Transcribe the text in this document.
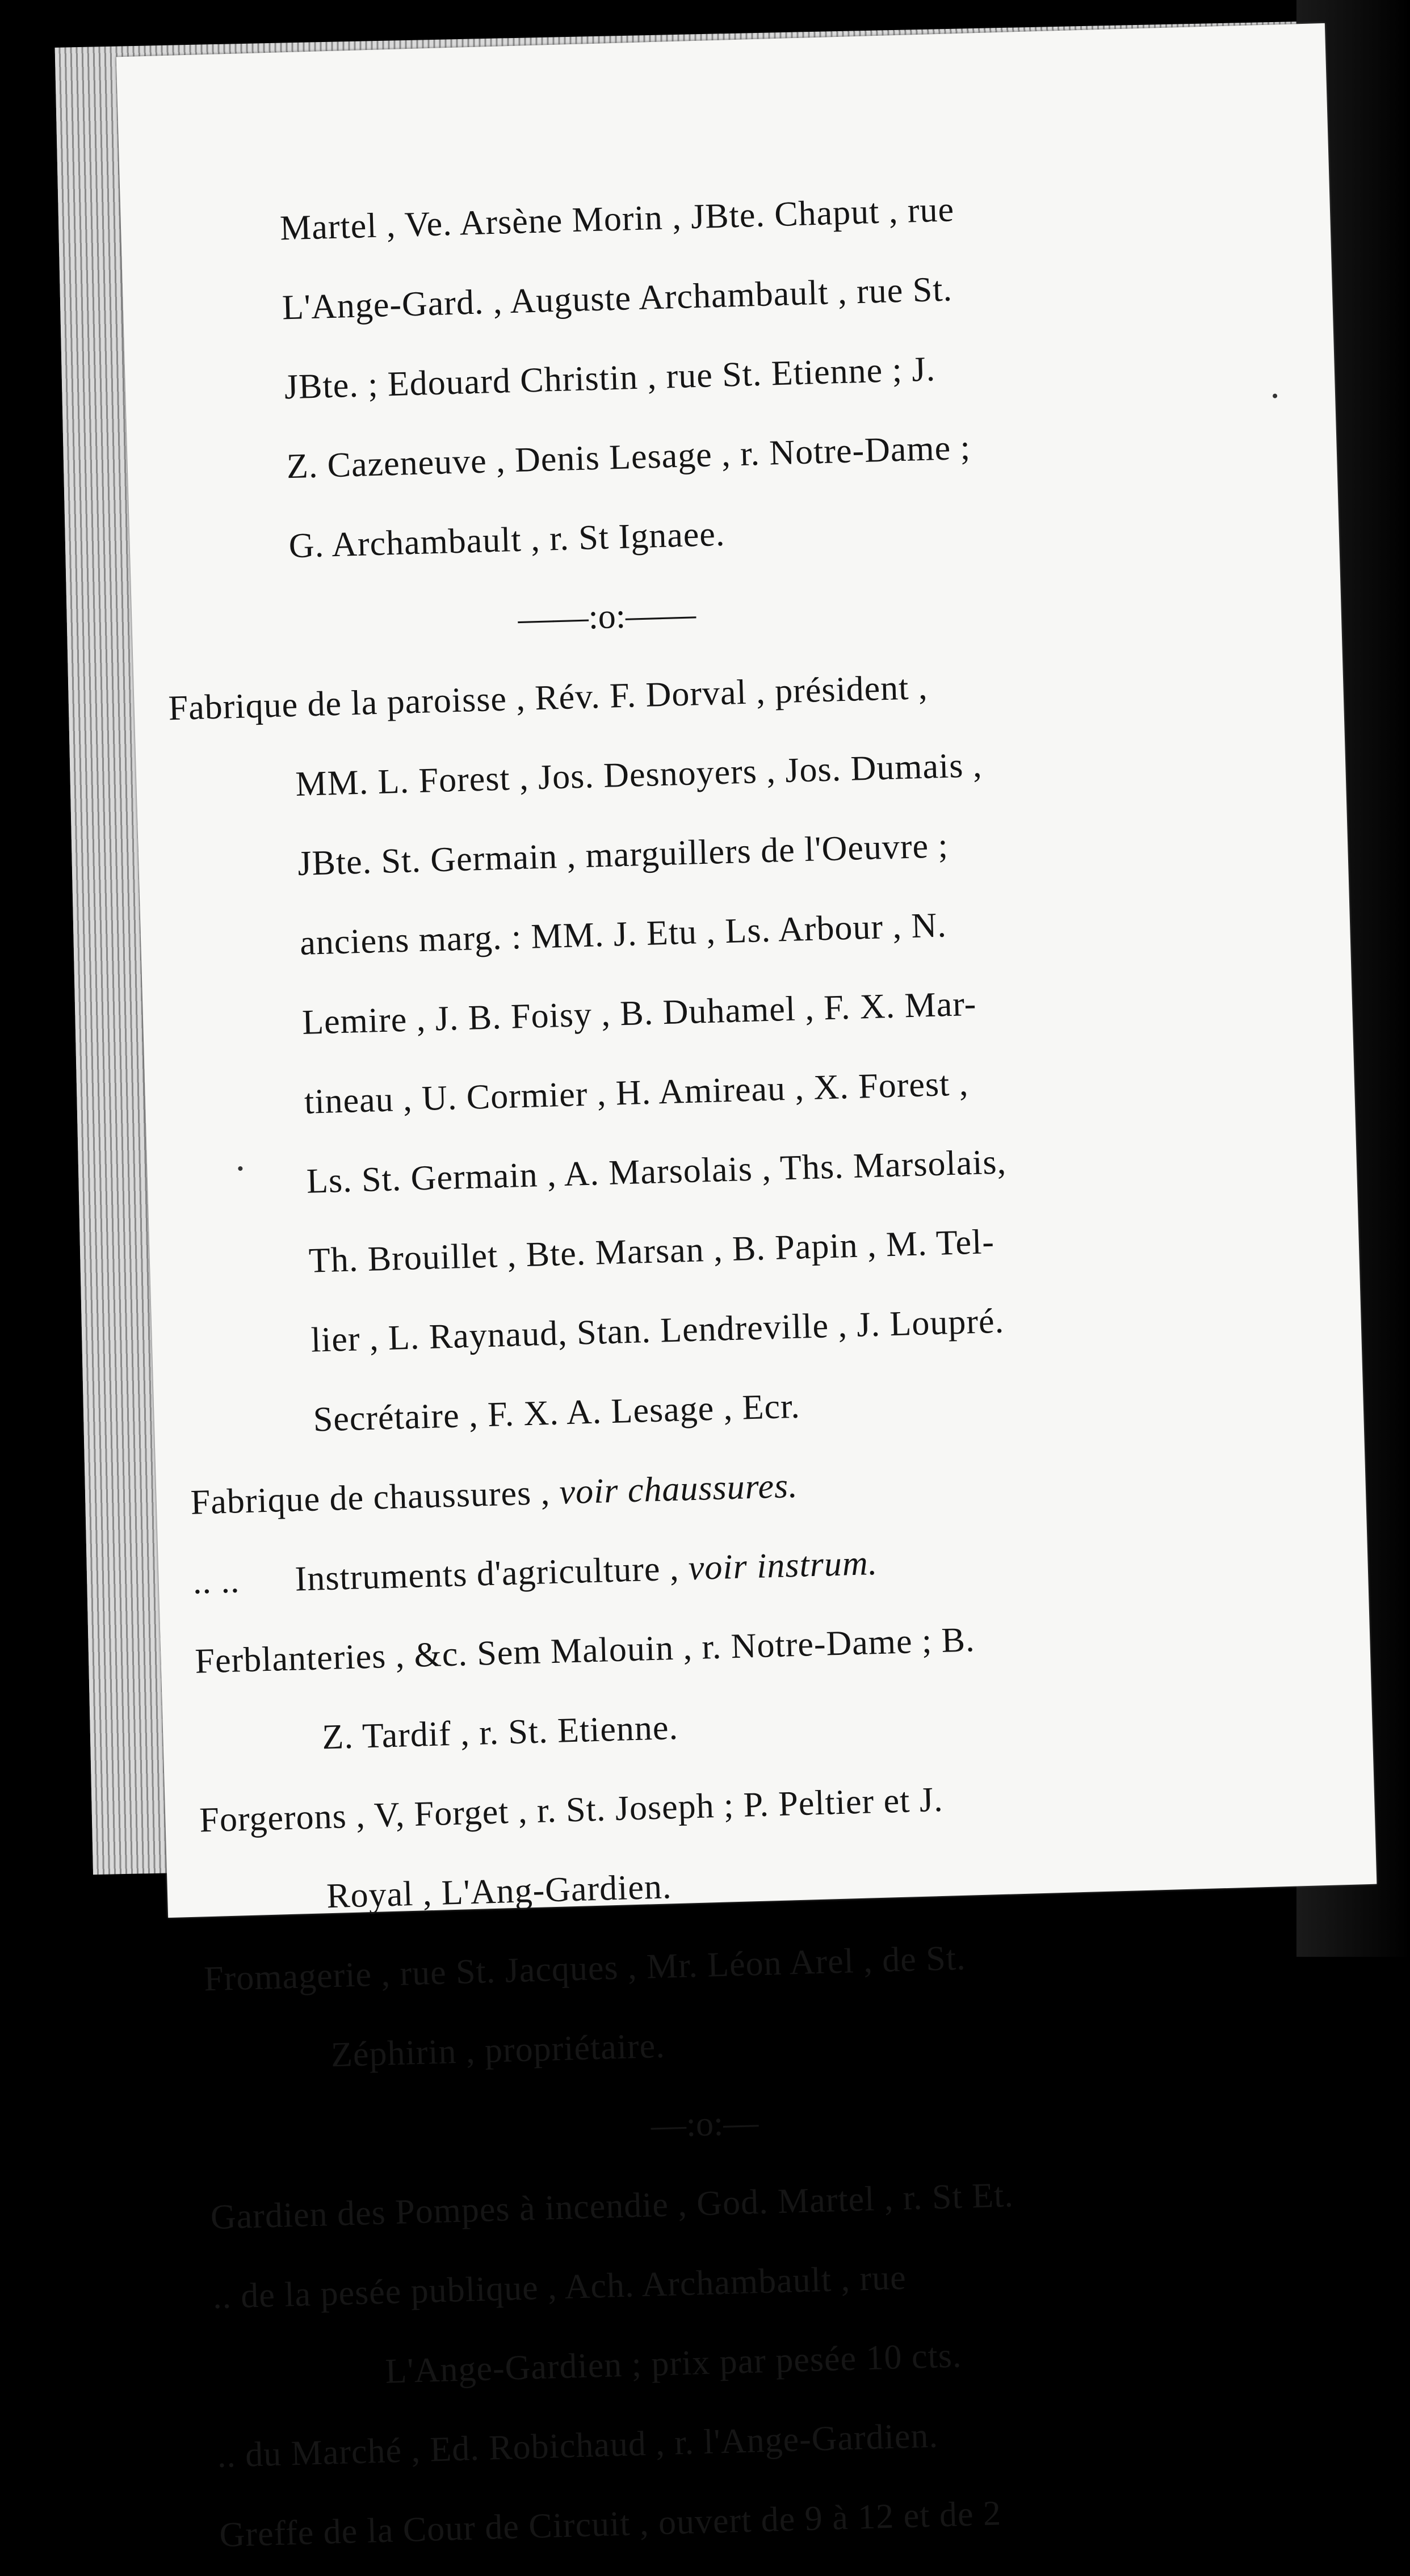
Martel , Ve. Arsène Morin , JBte. Chaput , rue
L'Ange-Gard. , Auguste Archambault , rue St.
JBte. ; Edouard Christin , rue St. Etienne ; J.
Z. Cazeneuve , Denis Lesage , r. Notre-Dame ;
G. Archambault , r. St Ignaee.
——:o:——
Fabrique de la paroisse , Rév. F. Dorval , président ,
MM. L. Forest , Jos. Desnoyers , Jos. Dumais ,
JBte. St. Germain , marguillers de l'Oeuvre ;
anciens marg. : MM. J. Etu , Ls. Arbour , N.
Lemire , J. B. Foisy , B. Duhamel , F. X. Mar-
tineau , U. Cormier , H. Amireau , X. Forest ,
Ls. St. Germain , A. Marsolais , Ths. Marsolais,
Th. Brouillet , Bte. Marsan , B. Papin , M. Tel-
lier , L. Raynaud, Stan. Lendreville , J. Loupré.
Secrétaire , F. X. A. Lesage , Ecr.
Fabrique de chaussures , voir chaussures.
.. .. Instruments d'agriculture , voir instrum.
Ferblanteries , &c. Sem Malouin , r. Notre-Dame ; B.
Z. Tardif , r. St. Etienne.
Forgerons , V, Forget , r. St. Joseph ; P. Peltier et J.
Royal , L'Ang-Gardien.
Fromagerie , rue St. Jacques , Mr. Léon Arel , de St.
Zéphirin , propriétaire.
—:o:—
Gardien des Pompes à incendie , God. Martel , r. St Et.
.. de la pesée publique , Ach. Archambault , rue
L'Ange-Gardien ; prix par pesée 10 cts.
.. du Marché , Ed. Robichaud , r. l'Ange-Gardien.
Greffe de la Cour de Circuit , ouvert de 9 à 12 et de 2
